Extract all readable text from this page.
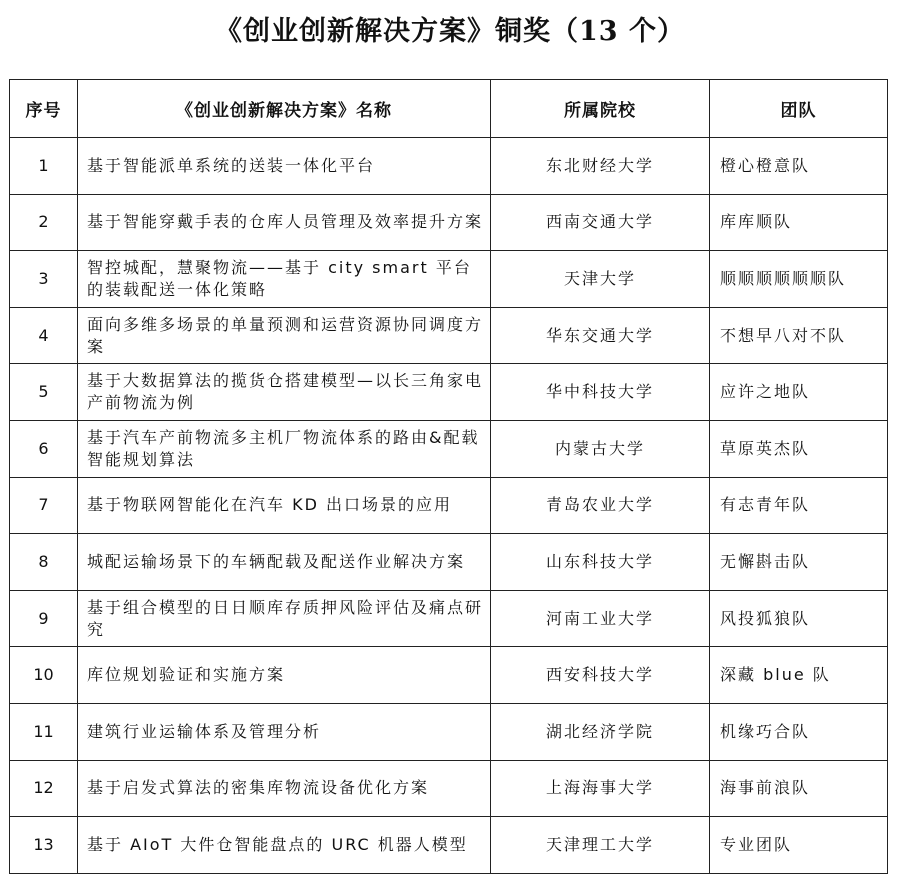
《创业创新解决方案》铜奖（13 个）
序号	《创业创新解决方案》名称	所属院校	团队
1	基于智能派单系统的送装一体化平台	东北财经大学	橙心橙意队
2	基于智能穿戴手表的仓库人员管理及效率提升方案	西南交通大学	库库顺队
3	智控城配，慧聚物流——基于 city smart 平台的装载配送一体化策略	天津大学	顺顺顺顺顺顺队
4	面向多维多场景的单量预测和运营资源协同调度方案	华东交通大学	不想早八对不队
5	基于大数据算法的揽货仓搭建模型—以长三角家电产前物流为例	华中科技大学	应许之地队
6	基于汽车产前物流多主机厂物流体系的路由&配载智能规划算法	内蒙古大学	草原英杰队
7	基于物联网智能化在汽车 KD 出口场景的应用	青岛农业大学	有志青年队
8	城配运输场景下的车辆配载及配送作业解决方案	山东科技大学	无懈斟击队
9	基于组合模型的日日顺库存质押风险评估及痛点研究	河南工业大学	风投狐狼队
10	库位规划验证和实施方案	西安科技大学	深藏 blue 队
11	建筑行业运输体系及管理分析	湖北经济学院	机缘巧合队
12	基于启发式算法的密集库物流设备优化方案	上海海事大学	海事前浪队
13	基于 AIoT 大件仓智能盘点的 URC 机器人模型	天津理工大学	专业团队
